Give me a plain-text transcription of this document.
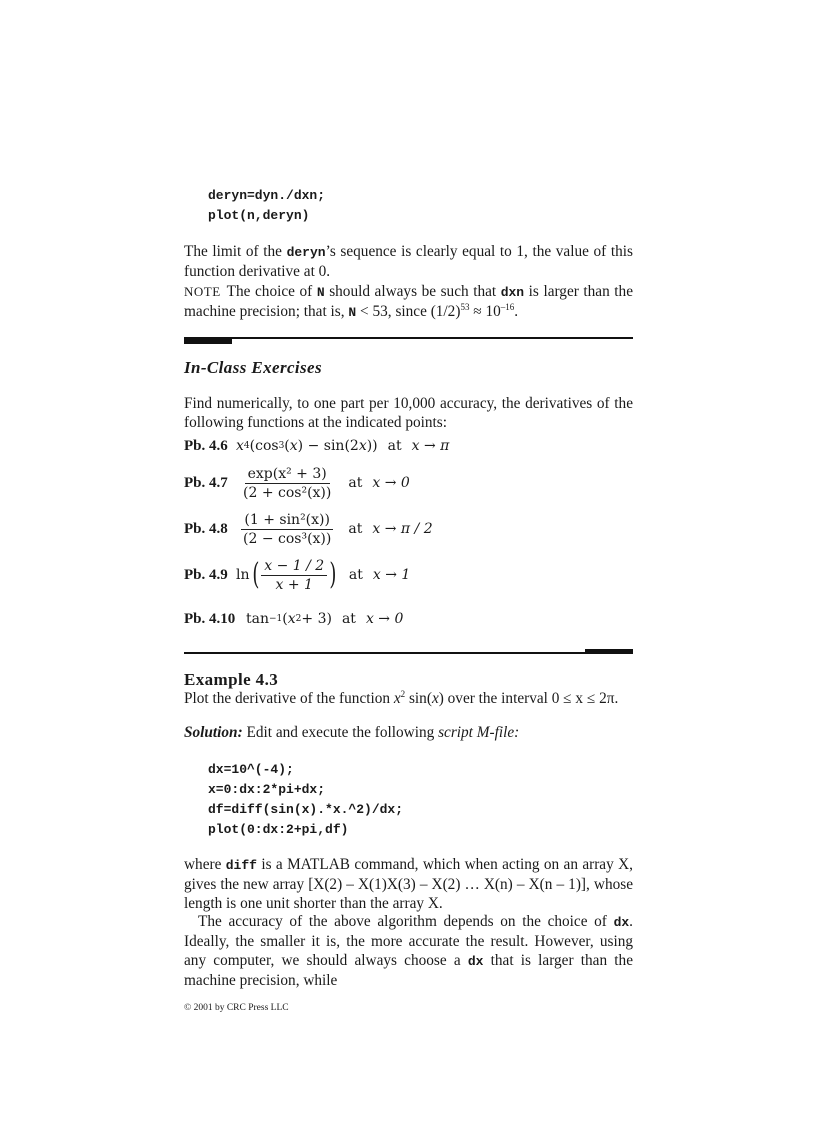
deryn=dyn./dxn;
plot(n,deryn)

The limit of the deryn’s sequence is clearly equal to 1, the value of this function derivative at 0.

NOTE The choice of N should always be such that dxn is larger than the machine precision; that is, N < 53, since $(1/2)^{53} \approx 10^{-16}$.

In-Class Exercises

Find numerically, to one part per 10,000 accuracy, the derivatives of the following functions at the indicated points:

Pb. 4.6 x 4 (cos 3 ( x ) − sin(2 x )) at x → π
Pb. $4.7 \frac{\text{exp(x² + 3)}}{\text{(2 + cos²(x))}}$ at x → 0
Pb. $4.8 \frac{\text{(1 + sin²(x))}}{\text{(2 − cos³(x))}}$ at x → π / 2
Pb. 4.9 ln ( $\frac{x - 1 / 2}{x + 1}$ ) at x → 1
Pb. 4.10 tan −1 ( x 2 + 3) at x → 0
Example 4.3

Plot the derivative of the function $x^2$ sin(x) over the interval 0 ≤ x ≤ 2π.

Solution: Edit and execute the following script M-file:

dx=10^(-4);
x=0:dx:2*pi+dx;
df=diff(sin(x).*x.^2)/dx;
plot(0:dx:2+pi,df)

where diff is a MATLAB command, which when acting on an array X, gives the new array [X(2) – X(1)X(3) – X(2) … X(n) – X(n – 1)], whose length is one unit shorter than the array X.

The accuracy of the above algorithm depends on the choice of dx. Ideally, the smaller it is, the more accurate the result. However, using any computer, we should always choose a dx that is larger than the machine precision, while

© 2001 by CRC Press LLC
